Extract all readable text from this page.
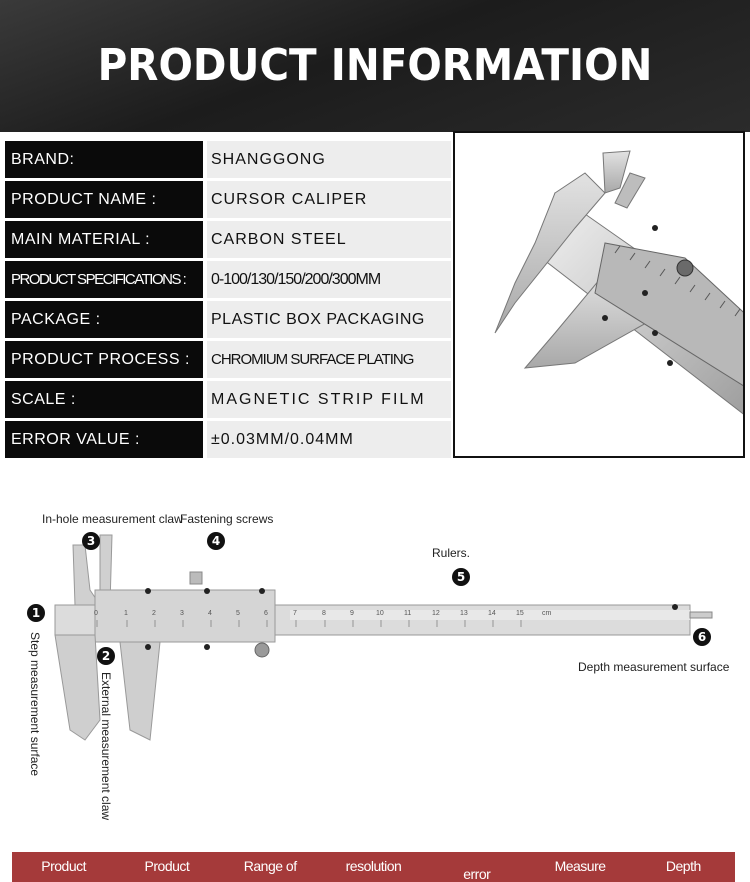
PRODUCT INFORMATION
BRAND:	SHANGGONG
PRODUCT NAME :	CURSOR CALIPER
MAIN MATERIAL :	CARBON STEEL
PRODUCT SPECIFICATIONS :	0-100/130/150/200/300MM
PACKAGE :	PLASTIC BOX PACKAGING
PRODUCT PROCESS :	CHROMIUM SURFACE PLATING
SCALE :	MAGNETIC STRIP FILM
ERROR VALUE :	±0.03MM/0.04MM
In-hole measurement claw
Fastening screws
Rulers.
Depth measurement surface
Step measurement surface	External measurement claw
1
2
3	4
5
6
0	1	2	3	4	5	6	7	8	9	10	11	12	13	14	15	cm
Product	Product	Range of	resolution	error	Measure	Depth
